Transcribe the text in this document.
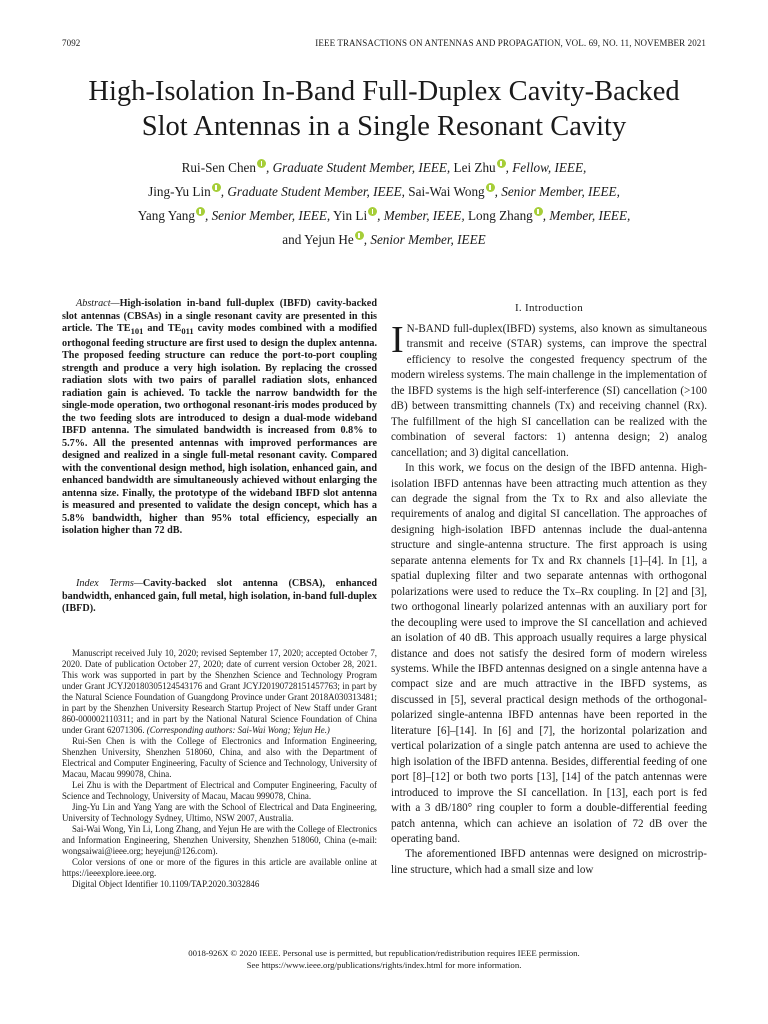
7092	IEEE TRANSACTIONS ON ANTENNAS AND PROPAGATION, VOL. 69, NO. 11, NOVEMBER 2021
High-Isolation In-Band Full-Duplex Cavity-Backed
Slot Antennas in a Single Resonant Cavity
Rui-Sen Chen , Graduate Student Member, IEEE, Lei Zhu , Fellow, IEEE,
Jing-Yu Lin , Graduate Student Member, IEEE, Sai-Wai Wong , Senior Member, IEEE,
Yang Yang , Senior Member, IEEE, Yin Li , Member, IEEE, Long Zhang , Member, IEEE,
and Yejun He , Senior Member, IEEE

Abstract—High-isolation in-band full-duplex (IBFD) cavity-backed slot antennas (CBSAs) in a single resonant cavity are presented in this article. The $TE_{101}$ and $TE_{011}$ cavity modes combined with a modified orthogonal feeding structure are first used to design the duplex antenna. The proposed feeding structure can reduce the port-to-port coupling strength and produce a very high isolation. By replacing the crossed radiation slots with two pairs of parallel radiation slots, enhanced radiation gain is achieved. To tackle the narrow bandwidth for the single-mode operation, two orthogonal resonant-iris modes produced by the two feeding slots are introduced to design a dual-mode wideband IBFD antenna. The simulated bandwidth is increased from 0.8% to 5.7%. All the presented antennas with improved performances are designed and realized in a single full-metal resonant cavity. Compared with the conventional design method, high isolation, enhanced gain, and enhanced bandwidth are simultaneously achieved without enlarging the antenna size. Finally, the prototype of the wideband IBFD slot antenna is measured and presented to validate the design concept, which has a 5.8% bandwidth, higher than 95% total efficiency, especially an isolation higher than 72 dB.

Index Terms—Cavity-backed slot antenna (CBSA), enhanced bandwidth, enhanced gain, full metal, high isolation, in-band full-duplex (IBFD).

Manuscript received July 10, 2020; revised September 17, 2020; accepted October 7, 2020. Date of publication October 27, 2020; date of current version October 28, 2021. This work was supported in part by the Shenzhen Science and Technology Program under Grant JCYJ20180305124543176 and Grant JCYJ20190728151457763; in part by the Natural Science Foundation of Guangdong Province under Grant 2018A030313481; in part by the Shenzhen University Research Startup Project of New Staff under Grant 860-000002110311; and in part by the National Natural Science Foundation of China under Grant 62071306. (Corresponding authors: Sai-Wai Wong; Yejun He.)

Rui-Sen Chen is with the College of Electronics and Information Engineering, Shenzhen University, Shenzhen 518060, China, and also with the Department of Electrical and Computer Engineering, Faculty of Science and Technology, University of Macau, Macau 999078, China.

Lei Zhu is with the Department of Electrical and Computer Engineering, Faculty of Science and Technology, University of Macau, Macau 999078, China.

Jing-Yu Lin and Yang Yang are with the School of Electrical and Data Engineering, University of Technology Sydney, Ultimo, NSW 2007, Australia.

Sai-Wai Wong, Yin Li, Long Zhang, and Yejun He are with the College of Electronics and Information Engineering, Shenzhen University, Shenzhen 518060, China (e-mail: wongsaiwai@ieee.org; heyejun@126.com).

Color versions of one or more of the figures in this article are available online at https://ieeexplore.ieee.org.

Digital Object Identifier 10.1109/TAP.2020.3032846

I. Introduction

I N-BAND full-duplex(IBFD) systems, also known as simultaneous transmit and receive (STAR) systems, can improve the spectral efficiency to resolve the congested frequency spectrum of the modern wireless systems. The main challenge in the implementation of the IBFD systems is the high self-interference (SI) cancellation (>100 dB) between transmitting channels (Tx) and receiving channel (Rx). The fulfillment of the high SI cancellation can be realized with the combination of several factors: 1) antenna design; 2) analog cancellation; and 3) digital cancellation.

In this work, we focus on the design of the IBFD antenna. High-isolation IBFD antennas have been attracting much attention as they can degrade the signal from the Tx to Rx and also alleviate the requirements of analog and digital SI cancellation. The approaches of designing high-isolation IBFD antennas include the dual-antenna structure and single-antenna structure. The first approach is using separate antenna elements for Tx and Rx channels [1]–[4]. In [1], a spatial duplexing filter and two separate antennas with orthogonal polarizations were used to reduce the Tx–Rx coupling. In [2] and [3], two orthogonal linearly polarized antennas with an auxiliary port for the decoupling were used to improve the SI cancellation and achieved an isolation of 40 dB. This approach usually requires a large physical distance and does not satisfy the desired form of modern wireless systems. While the IBFD antennas designed on a single antenna have a compact size and are much attractive in the IBFD systems, as discussed in [5], several practical design methods of the orthogonal-polarized single-antenna IBFD antennas have been reported in the literature [6]–[14]. In [6] and [7], the horizontal polarization and vertical polarization of a single patch antenna are used to achieve the high isolation of the IBFD antenna. Besides, differential feeding of one port [8]–[12] or both two ports [13], [14] of the patch antennas were introduced to improve the SI cancellation. In [13], each port is fed with a 3 dB/180° ring coupler to form a double-differential feeding patch antenna, which can achieve an isolation of 72 dB over the operating band.

The aforementioned IBFD antennas were designed on microstrip-line structure, which had a small size and low

0018-926X © 2020 IEEE. Personal use is permitted, but republication/redistribution requires IEEE permission.
See https://www.ieee.org/publications/rights/index.html for more information.
